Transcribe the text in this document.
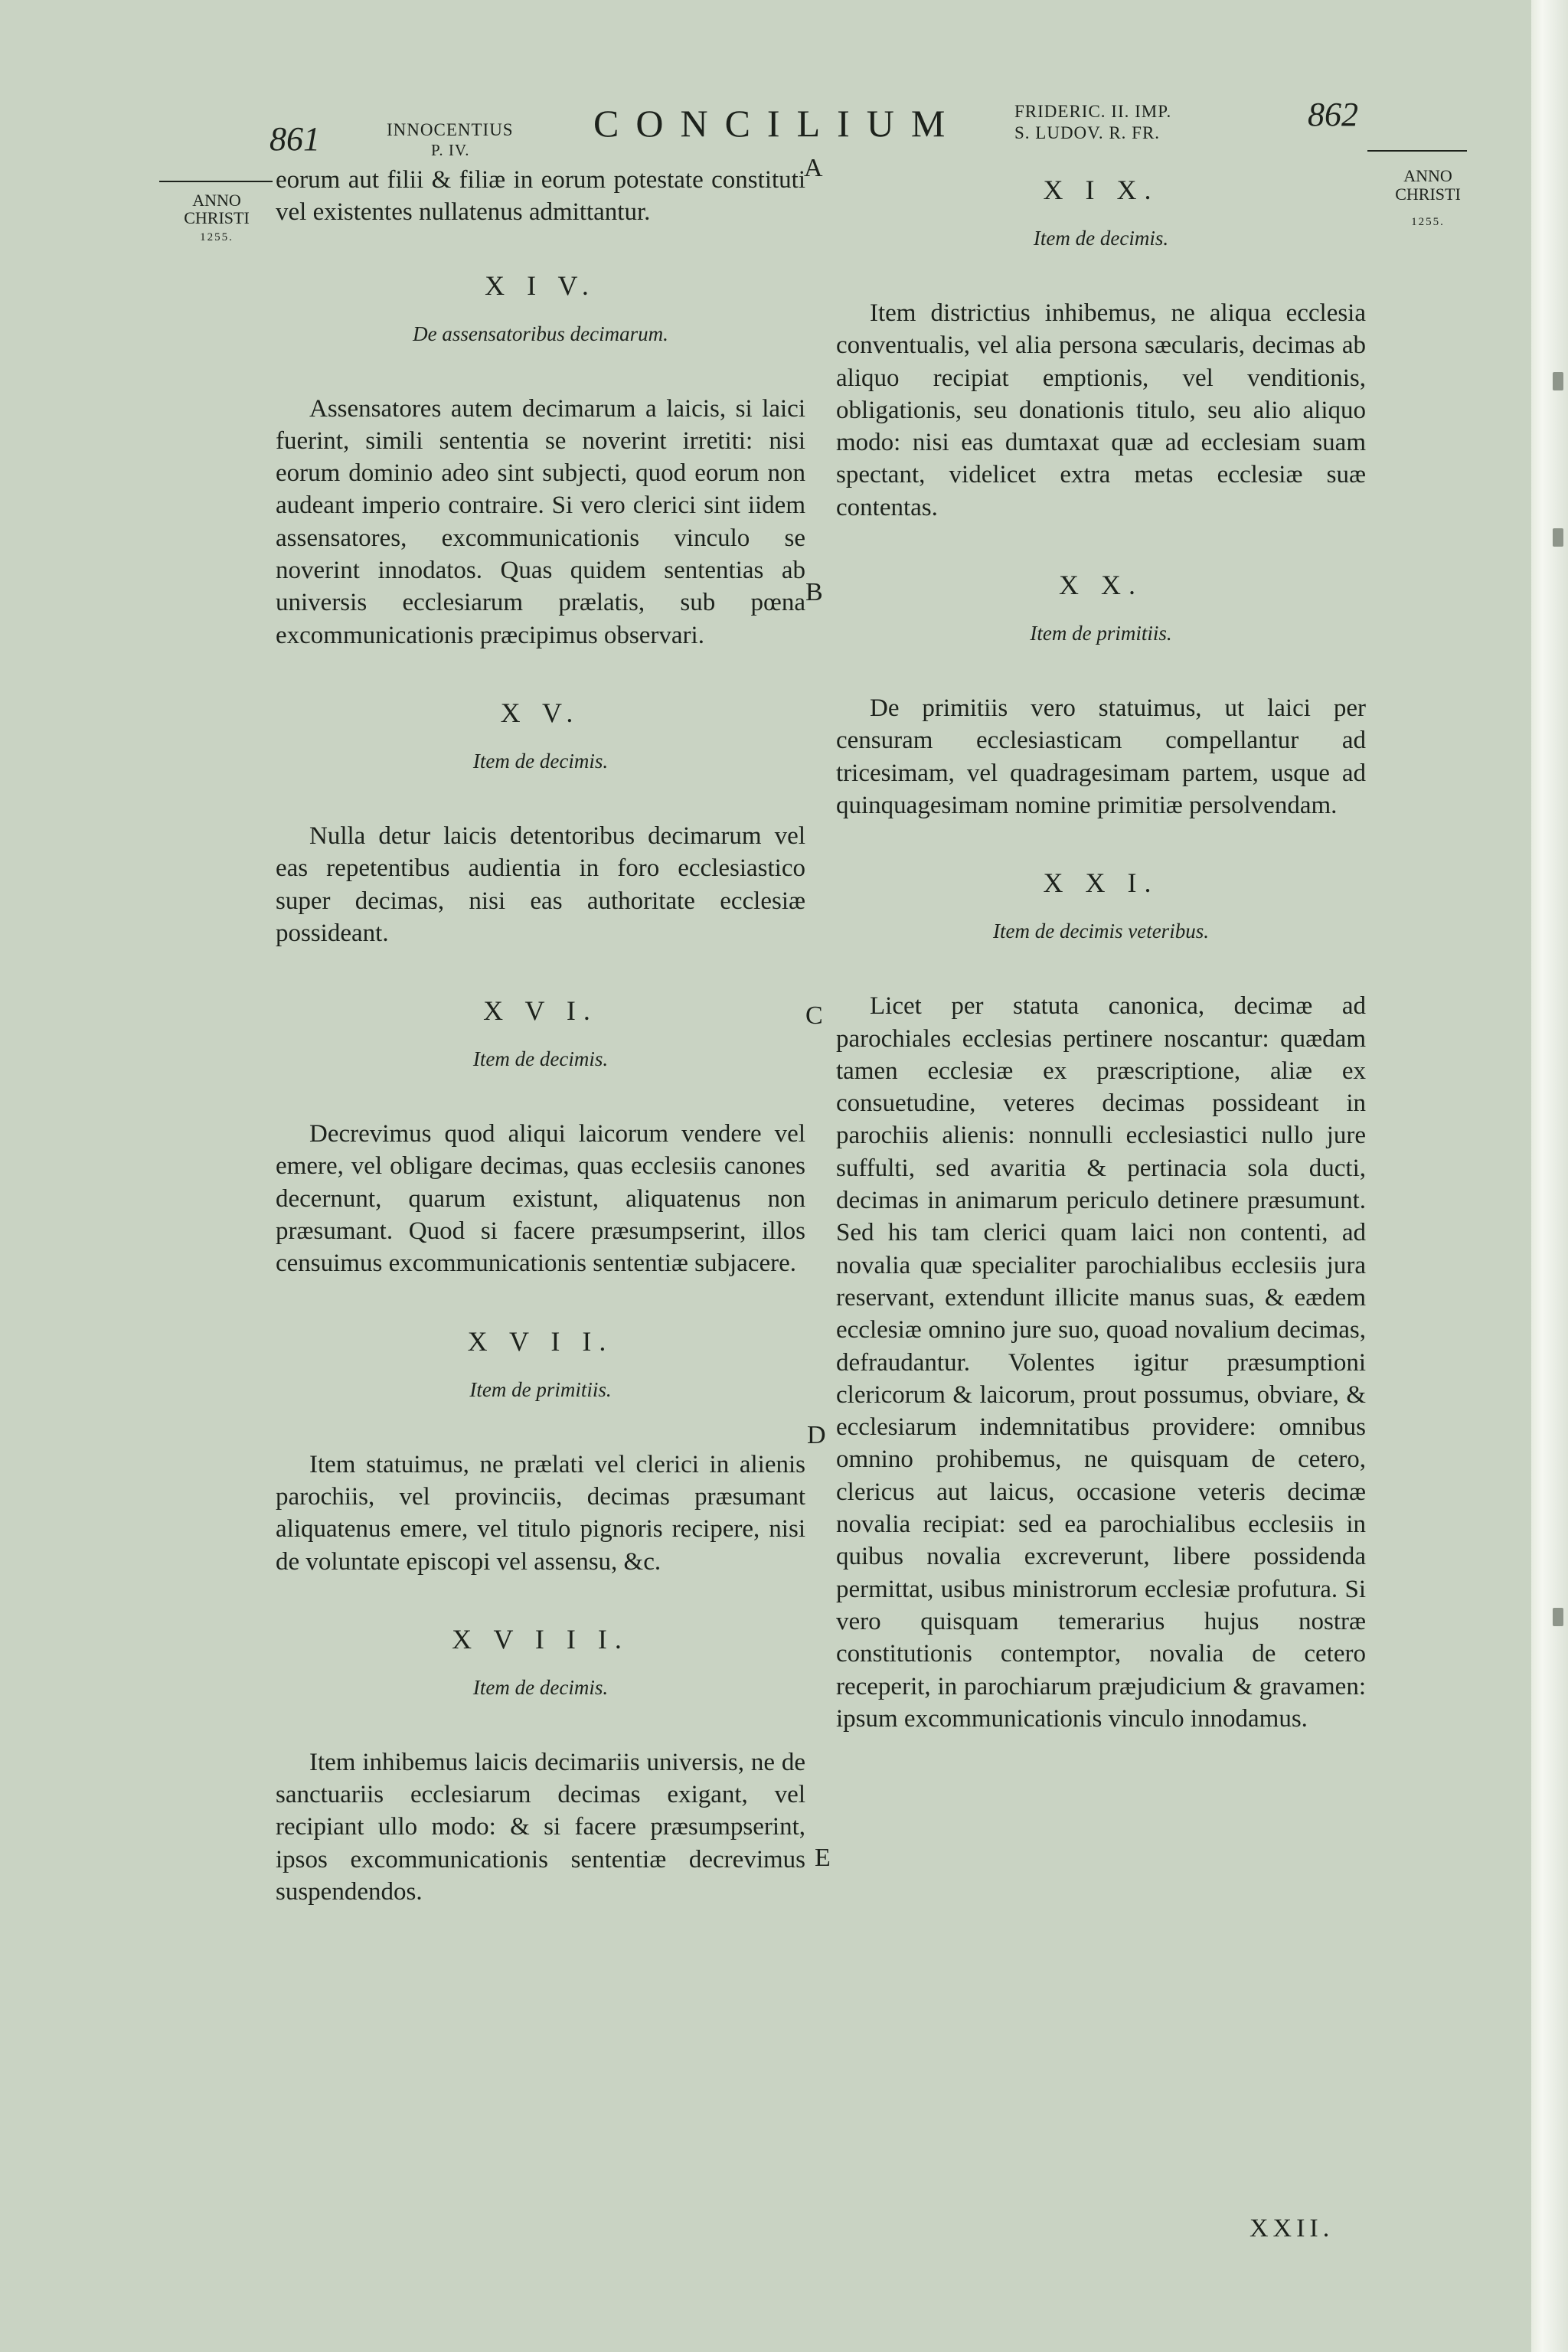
861	INNOCENTIUS
P. IV.
CONCILIUM	FRIDERIC. II. IMP.
S. LUDOV. R. FR.	862
ANNO
CHRISTI
1255.
ANNO
CHRISTI
1255.
A
B
C
D
E

eorum aut filii & filiæ in eorum potestate constituti vel existentes nullatenus admittantur.

X I V.
De assensatoribus decimarum.

Assensatores autem decimarum a laicis, si laici fuerint, simili sententia se noverint irretiti: nisi eorum dominio adeo sint subjecti, quod eorum non audeant imperio contraire. Si vero clerici sint iidem assensatores, excommunicationis vinculo se noverint innodatos. Quas quidem sententias ab universis ecclesiarum prælatis, sub pœna excommunicationis præcipimus observari.

X V.
Item de decimis.

Nulla detur laicis detentoribus decimarum vel eas repetentibus audientia in foro ecclesiastico super decimas, nisi eas authoritate ecclesiæ possideant.

X V I.
Item de decimis.

Decrevimus quod aliqui laicorum vendere vel emere, vel obligare decimas, quas ecclesiis canones decernunt, quarum existunt, aliquatenus non præsumant. Quod si facere præsumpserint, illos censuimus excommunicationis sententiæ subjacere.

X V I I.
Item de primitiis.

Item statuimus, ne prælati vel clerici in alienis parochiis, vel provinciis, decimas præsumant aliquatenus emere, vel titulo pignoris recipere, nisi de voluntate episcopi vel assensu, &c.

X V I I I.
Item de decimis.

Item inhibemus laicis decimariis universis, ne de sanctuariis ecclesiarum decimas exigant, vel recipiant ullo modo: & si facere præsumpserint, ipsos excommunicationis sententiæ decrevimus suspendendos.

X I X.
Item de decimis.

Item districtius inhibemus, ne aliqua ecclesia conventualis, vel alia persona sæcularis, decimas ab aliquo recipiat emptionis, vel venditionis, obligationis, seu donationis titulo, seu alio aliquo modo: nisi eas dumtaxat quæ ad ecclesiam suam spectant, videlicet extra metas ecclesiæ suæ contentas.

X X.
Item de primitiis.

De primitiis vero statuimus, ut laici per censuram ecclesiasticam compellantur ad tricesimam, vel quadragesimam partem, usque ad quinquagesimam nomine primitiæ persolvendam.

X X I.
Item de decimis veteribus.

Licet per statuta canonica, decimæ ad parochiales ecclesias pertinere noscantur: quædam tamen ecclesiæ ex præscriptione, aliæ ex consuetudine, veteres decimas possideant in parochiis alienis: nonnulli ecclesiastici nullo jure suffulti, sed avaritia & pertinacia sola ducti, decimas in animarum periculo detinere præsumunt. Sed his tam clerici quam laici non contenti, ad novalia quæ specialiter parochialibus ecclesiis jura reservant, extendunt illicite manus suas, & eædem ecclesiæ omnino jure suo, quoad novalium decimas, defraudantur. Volentes igitur præsumptioni clericorum & laicorum, prout possumus, obviare, & ecclesiarum indemnitatibus providere: omnibus omnino prohibemus, ne quisquam de cetero, clericus aut laicus, occasione veteris decimæ novalia recipiat: sed ea parochialibus ecclesiis in quibus novalia excreverunt, libere possidenda permittat, usibus ministrorum ecclesiæ profutura. Si vero quisquam temerarius hujus nostræ constitutionis contemptor, novalia de cetero receperit, in parochiarum præjudicium & gravamen: ipsum excommunicationis vinculo innodamus.

XXII.
